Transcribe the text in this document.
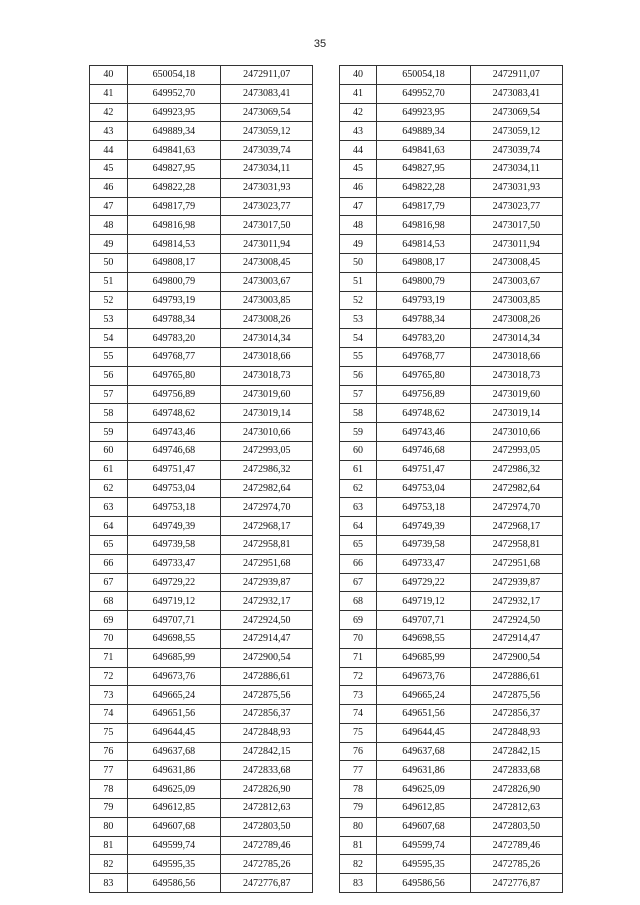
35
40	650054,18	2472911,07		40	650054,18	2472911,07
41	649952,70	2473083,41		41	649952,70	2473083,41
42	649923,95	2473069,54		42	649923,95	2473069,54
43	649889,34	2473059,12		43	649889,34	2473059,12
44	649841,63	2473039,74		44	649841,63	2473039,74
45	649827,95	2473034,11		45	649827,95	2473034,11
46	649822,28	2473031,93		46	649822,28	2473031,93
47	649817,79	2473023,77		47	649817,79	2473023,77
48	649816,98	2473017,50		48	649816,98	2473017,50
49	649814,53	2473011,94		49	649814,53	2473011,94
50	649808,17	2473008,45		50	649808,17	2473008,45
51	649800,79	2473003,67		51	649800,79	2473003,67
52	649793,19	2473003,85		52	649793,19	2473003,85
53	649788,34	2473008,26		53	649788,34	2473008,26
54	649783,20	2473014,34		54	649783,20	2473014,34
55	649768,77	2473018,66		55	649768,77	2473018,66
56	649765,80	2473018,73		56	649765,80	2473018,73
57	649756,89	2473019,60		57	649756,89	2473019,60
58	649748,62	2473019,14		58	649748,62	2473019,14
59	649743,46	2473010,66		59	649743,46	2473010,66
60	649746,68	2472993,05		60	649746,68	2472993,05
61	649751,47	2472986,32		61	649751,47	2472986,32
62	649753,04	2472982,64		62	649753,04	2472982,64
63	649753,18	2472974,70		63	649753,18	2472974,70
64	649749,39	2472968,17		64	649749,39	2472968,17
65	649739,58	2472958,81		65	649739,58	2472958,81
66	649733,47	2472951,68		66	649733,47	2472951,68
67	649729,22	2472939,87		67	649729,22	2472939,87
68	649719,12	2472932,17		68	649719,12	2472932,17
69	649707,71	2472924,50		69	649707,71	2472924,50
70	649698,55	2472914,47		70	649698,55	2472914,47
71	649685,99	2472900,54		71	649685,99	2472900,54
72	649673,76	2472886,61		72	649673,76	2472886,61
73	649665,24	2472875,56		73	649665,24	2472875,56
74	649651,56	2472856,37		74	649651,56	2472856,37
75	649644,45	2472848,93		75	649644,45	2472848,93
76	649637,68	2472842,15		76	649637,68	2472842,15
77	649631,86	2472833,68		77	649631,86	2472833,68
78	649625,09	2472826,90		78	649625,09	2472826,90
79	649612,85	2472812,63		79	649612,85	2472812,63
80	649607,68	2472803,50		80	649607,68	2472803,50
81	649599,74	2472789,46		81	649599,74	2472789,46
82	649595,35	2472785,26		82	649595,35	2472785,26
83	649586,56	2472776,87		83	649586,56	2472776,87
